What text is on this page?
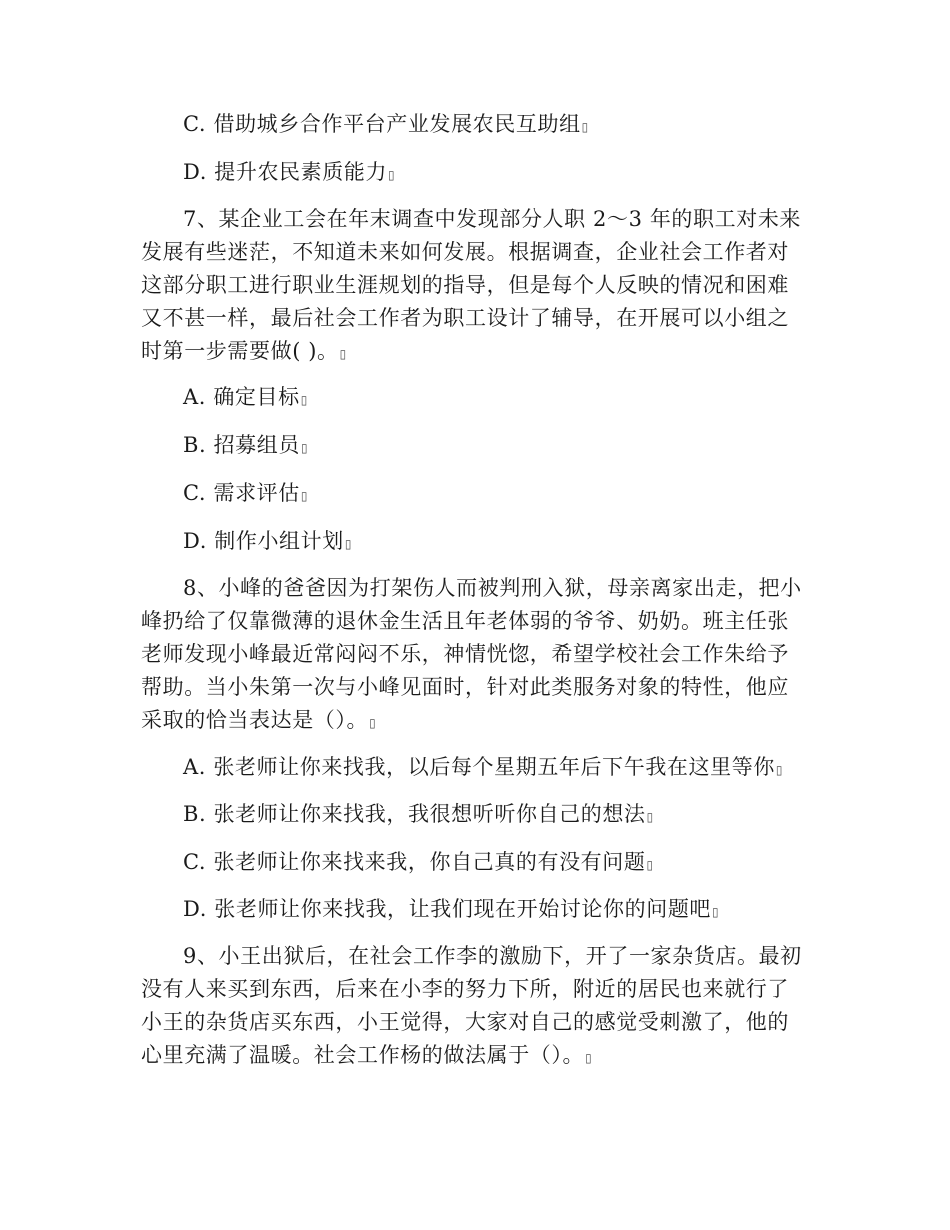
C. 借助城乡合作平台产业发展农民互助组▯

D. 提升农民素质能力▯

7、某企业工会在年末调查中发现部分人职 2～3 年的职工对未来

发展有些迷茫，不知道未来如何发展。根据调查，企业社会工作者对

这部分职工进行职业生涯规划的指导，但是每个人反映的情况和困难

又不甚一样，最后社会工作者为职工设计了辅导，在开展可以小组之

时第一步需要做( )。▯

A. 确定目标▯

B. 招募组员▯

C. 需求评估▯

D. 制作小组计划▯

8、小峰的爸爸因为打架伤人而被判刑入狱，母亲离家出走，把小

峰扔给了仅靠微薄的退休金生活且年老体弱的爷爷、奶奶。班主任张

老师发现小峰最近常闷闷不乐，神情恍惚，希望学校社会工作朱给予

帮助。当小朱第一次与小峰见面时，针对此类服务对象的特性，他应

采取的恰当表达是（）。▯

A. 张老师让你来找我，以后每个星期五年后下午我在这里等你▯

B. 张老师让你来找我，我很想听听你自己的想法▯

C. 张老师让你来找来我，你自己真的有没有问题▯

D. 张老师让你来找我，让我们现在开始讨论你的问题吧▯

9、小王出狱后，在社会工作李的激励下，开了一家杂货店。最初

没有人来买到东西，后来在小李的努力下所，附近的居民也来就行了

小王的杂货店买东西，小王觉得，大家对自己的感觉受刺激了，他的

心里充满了温暖。社会工作杨的做法属于（）。▯
